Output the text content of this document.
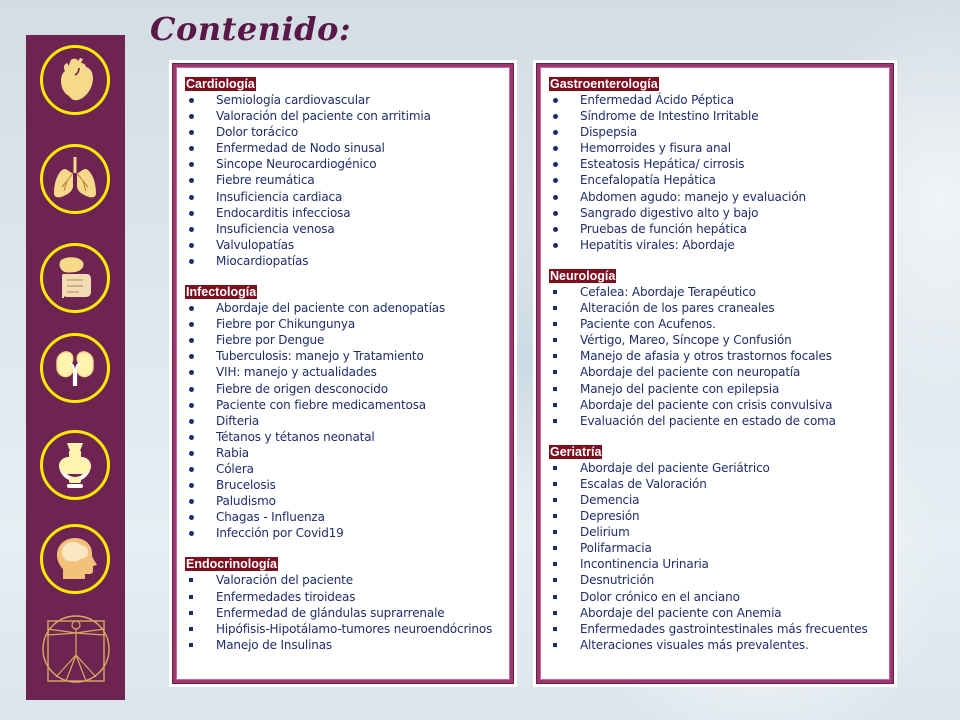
Contenido:
Cardiología
Semiología cardiovascular
Valoración del paciente con arritimia
Dolor torácico
Enfermedad de Nodo sinusal
Sincope Neurocardiogénico
Fiebre reumática
Insuficiencia cardiaca
Endocarditis infecciosa
Insuficiencia venosa
Valvulopatías
Miocardiopatías
Infectología
Abordaje del paciente con adenopatías
Fiebre por Chikungunya
Fiebre por Dengue
Tuberculosis: manejo y Tratamiento
VIH: manejo y actualidades
Fiebre de origen desconocido
Paciente con fiebre medicamentosa
Difteria
Tétanos y tétanos neonatal
Rabia
Cólera
Brucelosis
Paludismo
Chagas - Influenza
Infección por Covid19
Endocrinología
Valoración del paciente
Enfermedades tiroideas
Enfermedad de glándulas suprarrenale
Hipófisis-Hipotálamo-tumores neuroendócrinos
Manejo de Insulinas
Gastroenterología
Enfermedad Ácido Péptica
Síndrome de Intestino Irritable
Dispepsia
Hemorroides y fisura anal
Esteatosis Hepática/ cirrosis
Encefalopatía Hepática
Abdomen agudo: manejo y evaluación
Sangrado digestivo alto y bajo
Pruebas de función hepática
Hepatitis virales: Abordaje
Neurología
Cefalea: Abordaje Terapéutico
Alteración de los pares craneales
Paciente con Acufenos.
Vértigo, Mareo, Síncope y Confusión
Manejo de afasia y otros trastornos focales
Abordaje del paciente con neuropatía
Manejo del paciente con epilepsia
Abordaje del paciente con crisis convulsiva
Evaluación del paciente en estado de coma
Geriatría
Abordaje del paciente Geriátrico
Escalas de Valoración
Demencia
Depresión
Delirium
Polifarmacia
Incontinencia Urinaria
Desnutrición
Dolor crónico en el anciano
Abordaje del paciente con Anemia
Enfermedades gastrointestinales más frecuentes
Alteraciones visuales más prevalentes.
